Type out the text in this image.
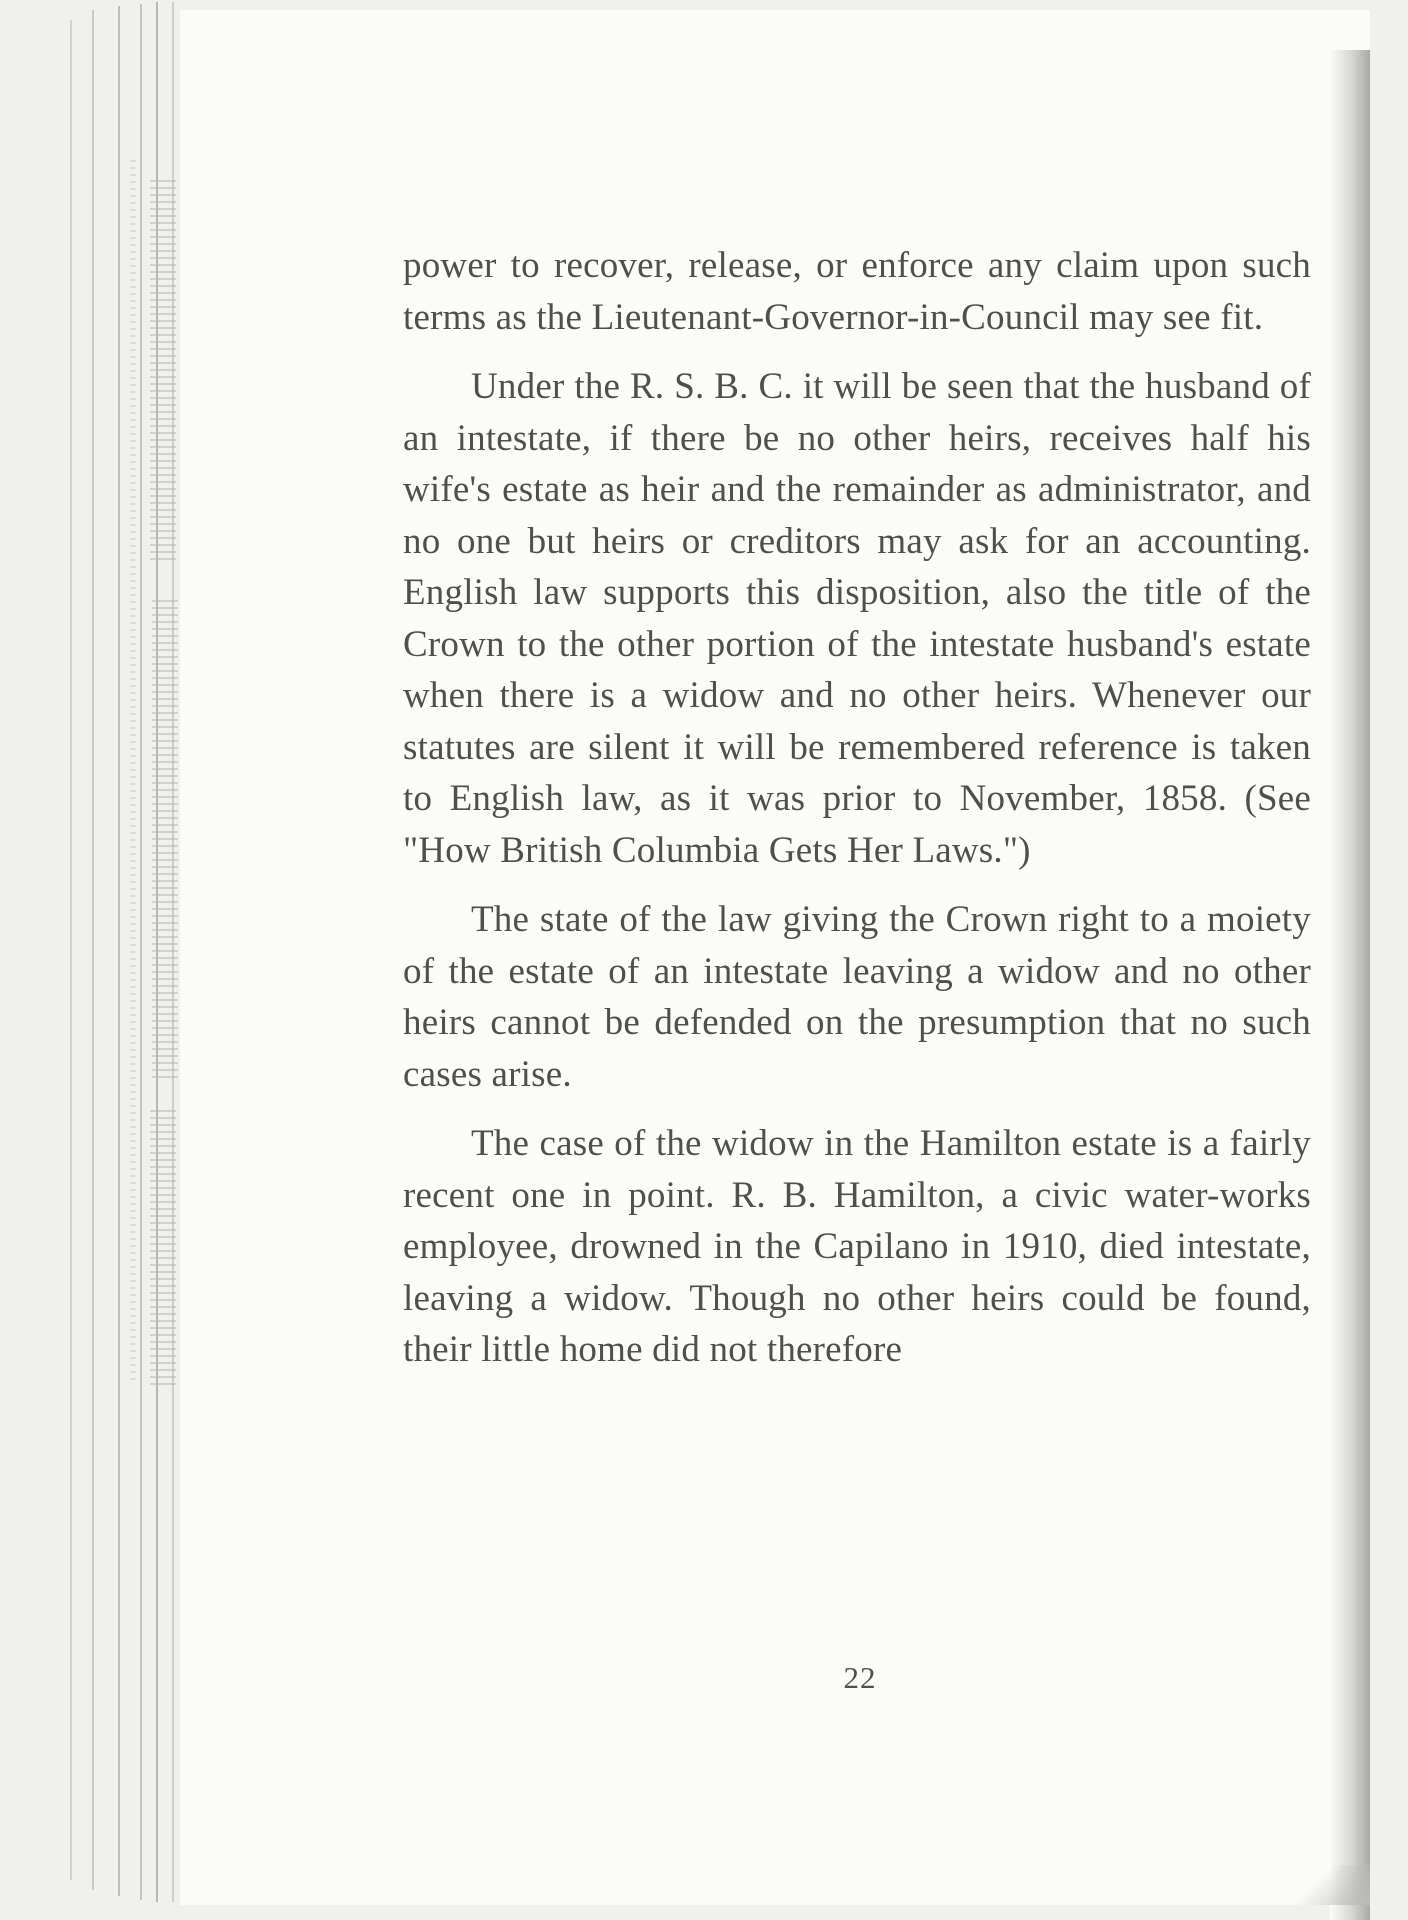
power to recover, release, or enforce any claim upon such terms as the Lieutenant-Governor-in-Council may see fit.

Under the R. S. B. C. it will be seen that the husband of an intestate, if there be no other heirs, receives half his wife's estate as heir and the remainder as administrator, and no one but heirs or creditors may ask for an accounting. English law supports this disposition, also the title of the Crown to the other portion of the intestate husband's estate when there is a widow and no other heirs. Whenever our statutes are silent it will be remembered reference is taken to English law, as it was prior to November, 1858. (See "How British Columbia Gets Her Laws.")

The state of the law giving the Crown right to a moiety of the estate of an intestate leaving a widow and no other heirs cannot be defended on the presumption that no such cases arise.

The case of the widow in the Hamilton estate is a fairly recent one in point. R. B. Hamilton, a civic water-works employee, drowned in the Capilano in 1910, died intestate, leaving a widow. Though no other heirs could be found, their little home did not therefore

22
